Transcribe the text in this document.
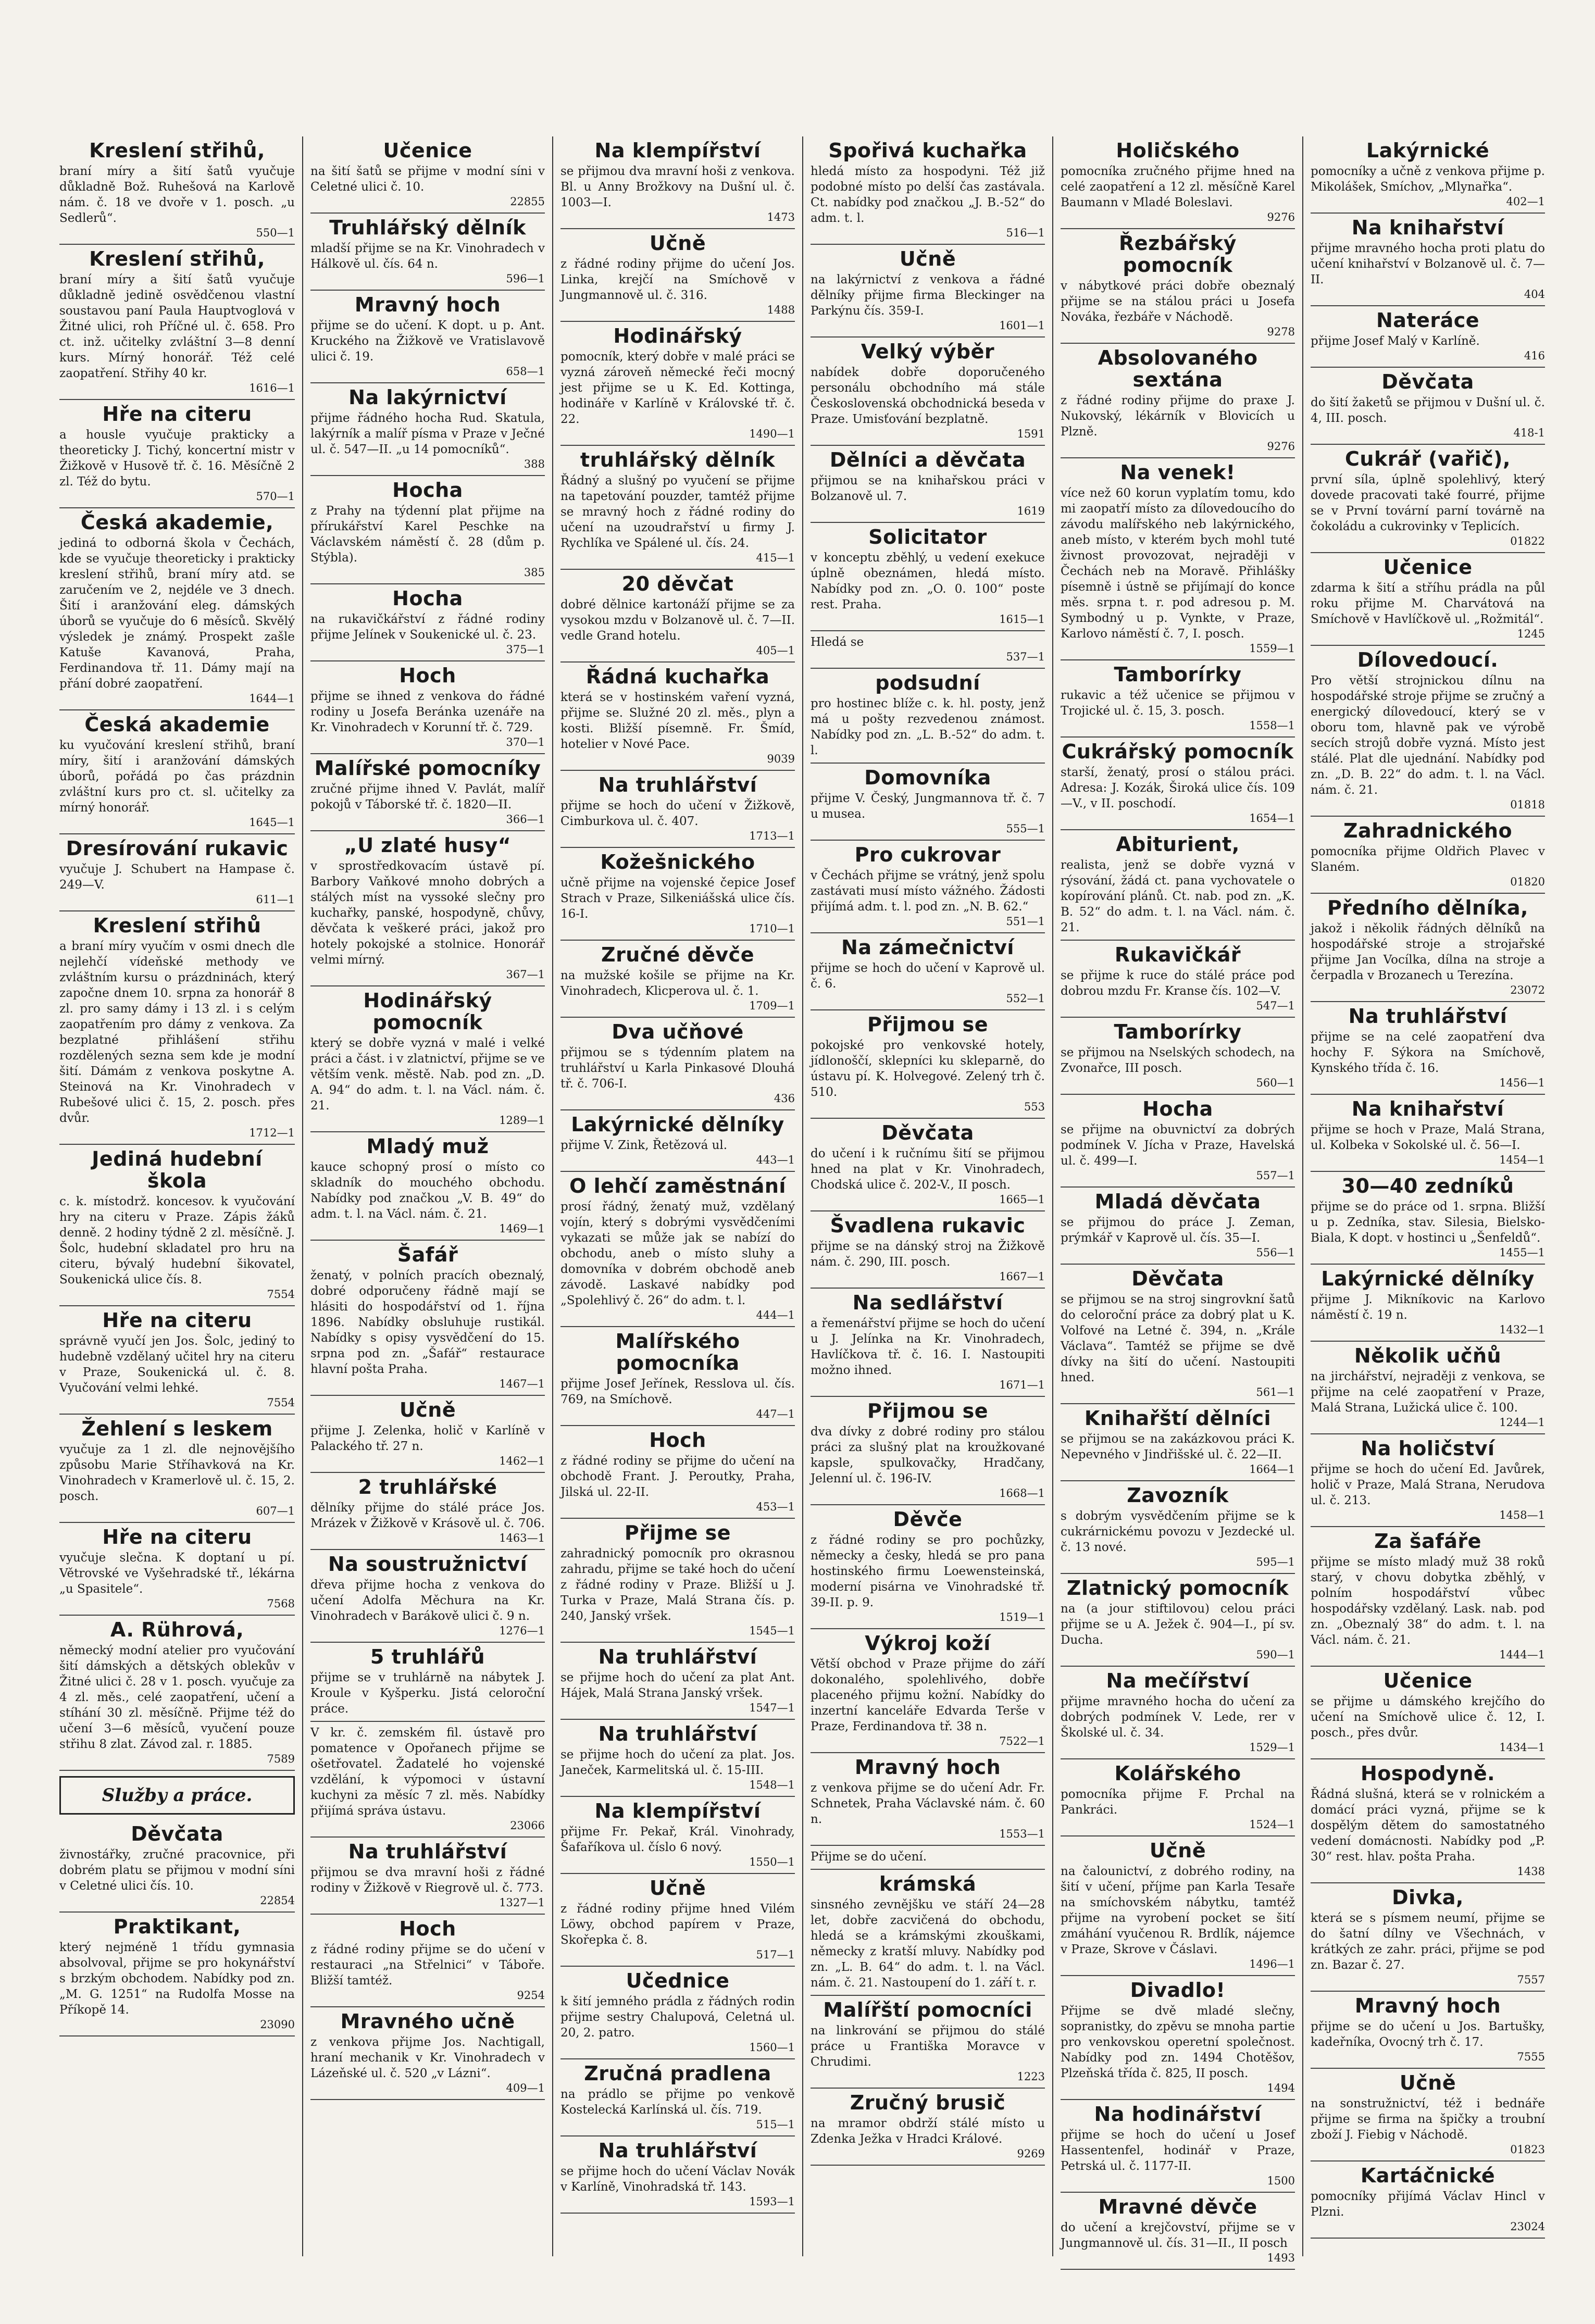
Kreslení střihů,

braní míry a šití šatů vyučuje důkladně Bož. Ruhešová na Karlově nám. č. 18 ve dvoře v 1. posch. „u Sedlerů“.

550—1
Kreslení střihů,

braní míry a šití šatů vyučuje důkladně jedině osvědčenou vlastní soustavou paní Paula Hauptvoglová v Žitné ulici, roh Příčné ul. č. 658. Pro ct. inž. učitelky zvláštní 3—8 denní kurs. Mírný honorář. Též celé zaopatření. Střihy 40 kr.

1616—1
Hře na citeru

a housle vyučuje prakticky a theoreticky J. Tichý, koncertní mistr v Žižkově v Husově tř. č. 16. Měsíčně 2 zl. Též do bytu.

570—1
Česká akademie,

jediná to odborná škola v Čechách, kde se vyučuje theoreticky i prakticky kreslení střihů, braní míry atd. se zaručením ve 2, nejdéle ve 3 dnech. Šití i aranžování eleg. dámských úborů se vyučuje do 6 měsíců. Skvělý výsledek je známý. Prospekt zašle Katuše Kavanová, Praha, Ferdinandova tř. 11. Dámy mají na přání dobré zaopatření.

1644—1
Česká akademie

ku vyučování kreslení střihů, braní míry, šití i aranžování dámských úborů, pořádá po čas prázdnin zvláštní kurs pro ct. sl. učitelky za mírný honorář.

1645—1
Dresírování rukavic

vyučuje J. Schubert na Hampase č. 249—V.

611—1
Kreslení střihů

a braní míry vyučím v osmi dnech dle nejlehčí vídeňské methody ve zvláštním kursu o prázdninách, který započne dnem 10. srpna za honorář 8 zl. pro samy dámy i 13 zl. i s celým zaopatřením pro dámy z venkova. Za bezplatné přihlášení střihu rozdělených sezna sem kde je modní šití. Dámám z venkova poskytne A. Steinová na Kr. Vinohradech v Rubešové ulici č. 15, 2. posch. přes dvůr.

1712—1
Jediná hudební škola

c. k. místodrž. koncesov. k vyučování hry na citeru v Praze. Zápis žáků denně. 2 hodiny týdně 2 zl. měsíčně. J. Šolc, hudební skladatel pro hru na citeru, bývalý hudební šikovatel, Soukenická ulice čís. 8.

7554
Hře na citeru

správně vyučí jen Jos. Šolc, jediný to hudebně vzdělaný učitel hry na citeru v Praze, Soukenická ul. č. 8. Vyučování velmi lehké.

7554
Žehlení s leskem

vyučuje za 1 zl. dle nejnovějšího způsobu Marie Stříhavková na Kr. Vinohradech v Kramerlově ul. č. 15, 2. posch.

607—1
Hře na citeru

vyučuje slečna. K doptaní u pí. Větrovské ve Vyšehradské tř., lékárna „u Spasitele“.

7568
A. Rührová,

německý modní atelier pro vyučování šití dámských a dětských oblekův v Žitné ulici č. 28 v 1. posch. vyučuje za 4 zl. měs., celé zaopatření, učení a stíhání 30 zl. měsíčně. Přijme též do učení 3—6 měsíců, vyučení pouze střihu 8 zlat. Závod zal. r. 1885.

7589
Služby a práce.
Děvčata

živnostářky, zručné pracovnice, při dobrém platu se přijmou v modní síni v Celetné ulici čís. 10.

22854
Praktikant,

který nejméně 1 třídu gymnasia absolvoval, přijme se pro hokynářství s brzkým obchodem. Nabídky pod zn. „M. G. 1251“ na Rudolfa Mosse na Příkopě 14.

23090
Učenice

na šití šatů se přijme v modní síni v Celetné ulici č. 10.

22855
Truhlářský dělník

mladší přijme se na Kr. Vinohradech v Hálkově ul. čís. 64 n.

596—1
Mravný hoch

přijme se do učení. K dopt. u p. Ant. Kruckého na Žižkově ve Vratislavově ulici č. 19.

658—1
Na lakýrnictví

přijme řádného hocha Rud. Skatula, lakýrník a malíř písma v Praze v Ječné ul. č. 547—II. „u 14 pomocníků“.

388
Hocha

z Prahy na týdenní plat přijme na přírukářství Karel Peschke na Václavském náměstí č. 28 (dům p. Stýbla).

385
Hocha

na rukavičkářství z řádné rodiny přijme Jelínek v Soukenické ul. č. 23.

375—1
Hoch

přijme se ihned z venkova do řádné rodiny u Josefa Beránka uzenáře na Kr. Vinohradech v Korunní tř. č. 729.

370—1
Malířské pomocníky

zručné přijme ihned V. Pavlát, malíř pokojů v Táborské tř. č. 1820—II.

366—1
„U zlaté husy“

v sprostředkovacím ústavě pí. Barbory Vaňkové mnoho dobrých a stálých míst na vyssoké slečny pro kuchařky, panské, hospodyně, chůvy, děvčata k veškeré práci, jakož pro hotely pokojské a stolnice. Honorář velmi mírný.

367—1
Hodinářský pomocník

který se dobře vyzná v malé i velké práci a část. i v zlatnictví, přijme se ve větším venk. městě. Nab. pod zn. „D. A. 94“ do adm. t. l. na Václ. nám. č. 21.

1289—1
Mladý muž

kauce schopný prosí o místo co skladník do mouchého obchodu. Nabídky pod značkou „V. B. 49“ do adm. t. l. na Václ. nám. č. 21.

1469—1
Šafář

ženatý, v polních pracích obeznalý, dobré odporučeny řádně mají se hlásiti do hospodářství od 1. října 1896. Nabídky obsluhuje rustikál. Nabídky s opisy vysvědčení do 15. srpna pod zn. „Šafář“ restaurace hlavní pošta Praha.

1467—1
Učně

přijme J. Zelenka, holič v Karlíně v Palackého tř. 27 n.

1462—1
2 truhlářské

dělníky přijme do stálé práce Jos. Mrázek v Žižkově v Krásově ul. č. 706.

1463—1
Na soustružnictví

dřeva přijme hocha z venkova do učení Adolfa Měchura na Kr. Vinohradech v Barákově ulici č. 9 n.

1276—1
5 truhlářů

přijme se v truhlárně na nábytek J. Kroule v Kyšperku. Jistá celoroční práce.

V kr. č. zemském fil. ústavě pro pomatence v Opořanech přijme se ošetřovatel. Žadatelé ho vojenské vzdělání, k výpomoci v ústavní kuchyni za měsíc 7 zl. měs. Nabídky přijímá správa ústavu.

23066
Na truhlářství

přijmou se dva mravní hoši z řádné rodiny v Žižkově v Riegrově ul. č. 773.

1327—1
Hoch

z řádné rodiny přijme se do učení v restauraci „na Střelnici“ v Táboře. Bližší tamtéž.

9254
Mravného učně

z venkova přijme Jos. Nachtigall, hraní mechanik v Kr. Vinohradech v Lázeňské ul. č. 520 „v Lázni“.

409—1
Na klempířství

se přijmou dva mravní hoši z venkova. Bl. u Anny Brožkovy na Dušní ul. č. 1003—I.

1473
Učně

z řádné rodiny přijme do učení Jos. Linka, krejčí na Smíchově v Jungmannově ul. č. 316.

1488
Hodinářský

pomocník, který dobře v malé práci se vyzná zároveň německé řeči mocný jest přijme se u K. Ed. Kottinga, hodináře v Karlíně v Královské tř. č. 22.

1490—1
truhlářský dělník

Řádný a slušný po vyučení se přijme na tapetování pouzder, tamtéž přijme se mravný hoch z řádné rodiny do učení na uzoudrařství u firmy J. Rychlíka ve Spálené ul. čís. 24.

415—1
20 děvčat

dobré dělnice kartonáží přijme se za vysokou mzdu v Bolzanově ul. č. 7—II. vedle Grand hotelu.

405—1
Řádná kuchařka

která se v hostinském vaření vyzná, přijme se. Služné 20 zl. měs., plyn a kosti. Bližší písemně. Fr. Šmíd, hotelier v Nové Pace.

9039
Na truhlářství

přijme se hoch do učení v Žižkově, Cimburkova ul. č. 407.

1713—1
Kožešnického

učně přijme na vojenské čepice Josef Strach v Praze, Silkeniášská ulice čís. 16-I.

1710—1
Zručné děvče

na mužské košile se přijme na Kr. Vinohradech, Klicperova ul. č. 1.

1709—1
Dva učňové

přijmou se s týdenním platem na truhlářství u Karla Pinkasové Dlouhá tř. č. 706-I.

436
Lakýrnické dělníky

přijme V. Zink, Řetězová ul.

443—1
O lehčí zaměstnání

prosí řádný, ženatý muž, vzdělaný vojín, který s dobrými vysvědčeními vykazati se může jak se nabízí do obchodu, aneb o místo sluhy a domovníka v dobrém obchodě aneb závodě. Laskavé nabídky pod „Spolehlivý č. 26“ do adm. t. l.

444—1
Malířského pomocníka

přijme Josef Jeřínek, Resslova ul. čís. 769, na Smíchově.

447—1
Hoch

z řádné rodiny se přijme do učení na obchodě Frant. J. Peroutky, Praha, Jilská ul. 22-II.

453—1
Přijme se

zahradnický pomocník pro okrasnou zahradu, přijme se také hoch do učení z řádné rodiny v Praze. Bližší u J. Turka v Praze, Malá Strana čís. p. 240, Janský vršek.

1545—1
Na truhlářství

se přijme hoch do učení za plat Ant. Hájek, Malá Strana Janský vršek.

1547—1
Na truhlářství

se přijme hoch do učení za plat. Jos. Janeček, Karmelitská ul. č. 15-III.

1548—1
Na klempířství

přijme Fr. Pekař, Král. Vinohrady, Šafaříkova ul. číslo 6 nový.

1550—1
Učně

z řádné rodiny přijme hned Vilém Löwy, obchod papírem v Praze, Skořepka č. 8.

517—1
Učednice

k šití jemného prádla z řádných rodin přijme sestry Chalupová, Celetná ul. 20, 2. patro.

1560—1
Zručná pradlena

na prádlo se přijme po venkově Kostelecká Karlínská ul. čís. 719.

515—1
Na truhlářství

se přijme hoch do učení Václav Novák v Karlíně, Vinohradská tř. 143.

1593—1
Spořivá kuchařka

hledá místo za hospodyni. Též již podobné místo po delší čas zastávala. Ct. nabídky pod značkou „J. B.-52“ do adm. t. l.

516—1
Učně

na lakýrnictví z venkova a řádné dělníky přijme firma Bleckinger na Parkýnu čís. 359-I.

1601—1
Velký výběr

nabídek dobře doporučeného personálu obchodního má stále Československá obchodnická beseda v Praze. Umisťování bezplatně.

1591
Dělníci a děvčata

přijmou se na knihařskou práci v Bolzanově ul. 7.

1619
Solicitator

v konceptu zběhlý, u vedení exekuce úplně obeznámen, hledá místo. Nabídky pod zn. „O. 0. 100“ poste rest. Praha.

1615—1

Hledá se

537—1
podsudní

pro hostinec blíže c. k. hl. posty, jenž má u pošty rezvedenou známost. Nabídky pod zn. „L. B.-52“ do adm. t. l.

Domovníka

přijme V. Český, Jungmannova tř. č. 7 u musea.

555—1
Pro cukrovar

v Čechách přijme se vrátný, jenž spolu zastávati musí místo vážného. Žádosti přijímá adm. t. l. pod zn. „N. B. 62.“

551—1
Na zámečnictví

přijme se hoch do učení v Kaprově ul. č. 6.

552—1
Přijmou se

pokojské pro venkovské hotely, jídlonoščí, sklepníci ku skleparně, do ústavu pí. K. Holvegové. Zelený trh č. 510.

553
Děvčata

do učení i k ručnímu šití se přijmou hned na plat v Kr. Vinohradech, Chodská ulice č. 202-V., II posch.

1665—1
Švadlena rukavic

přijme se na dánský stroj na Žižkově nám. č. 290, III. posch.

1667—1
Na sedlářství

a řemenářství přijme se hoch do učení u J. Jelínka na Kr. Vinohradech, Havlíčkova tř. č. 16. I. Nastoupiti možno ihned.

1671—1
Přijmou se

dva dívky z dobré rodiny pro stálou práci za slušný plat na kroužkované kapsle, spulkovačky, Hradčany, Jelenní ul. č. 196-IV.

1668—1
Děvče

z řádné rodiny se pro pochůzky, německy a česky, hledá se pro pana hostinského firmu Loewensteinská, moderní pisárna ve Vinohradské tř. 39-II. p. 9.

1519—1
Výkroj koží

Větší obchod v Praze přijme do září dokonalého, spolehlivého, dobře placeného přijmu kožní. Nabídky do inzertní kanceláře Edvarda Terše v Praze, Ferdinandova tř. 38 n.

7522—1
Mravný hoch

z venkova přijme se do učení Adr. Fr. Schnetek, Praha Václavské nám. č. 60 n.

1553—1

Přijme se do učení.

krámská

sinsného zevnějšku ve stáří 24—28 let, dobře zacvičená do obchodu, hledá se a krámskými zkouškami, německy z kratší mluvy. Nabídky pod zn. „L. B. 64“ do adm. t. l. na Václ. nám. č. 21. Nastoupení do 1. září t. r.

Malířští pomocníci

na linkrování se přijmou do stálé práce u Františka Moravce v Chrudimi.

1223
Zručný brusič

na mramor obdrží stálé místo u Zdenka Ježka v Hradci Králové.

9269
Holičského

pomocníka zručného přijme hned na celé zaopatření a 12 zl. měsíčně Karel Baumann v Mladé Boleslavi.

9276
Řezbářský pomocník

v nábytkové práci dobře obeznalý přijme se na stálou práci u Josefa Nováka, řezbáře v Náchodě.

9278
Absolovaného sextána

z řádné rodiny přijme do praxe J. Nukovský, lékárník v Blovicích u Plzně.

9276
Na venek!

více než 60 korun vyplatím tomu, kdo mi zaopatří místo za dílovedoucího do závodu malířského neb lakýrnického, aneb místo, v kterém bych mohl tuté živnost provozovat, nejraději v Čechách neb na Moravě. Přihlášky písemně i ústně se přijímají do konce měs. srpna t. r. pod adresou p. M. Symbodný u p. Vynkte, v Praze, Karlovo náměstí č. 7, I. posch.

1559—1
Tamborírky

rukavic a též učenice se přijmou v Trojické ul. č. 15, 3. posch.

1558—1
Cukrářský pomocník

starší, ženatý, prosí o stálou práci. Adresa: J. Kozák, Široká ulice čís. 109—V., v II. poschodí.

1654—1
Abiturient,

realista, jenž se dobře vyzná v rýsování, žádá ct. pana vychovatele o kopírování plánů. Ct. nab. pod zn. „K. B. 52“ do adm. t. l. na Václ. nám. č. 21.

Rukavičkář

se přijme k ruce do stálé práce pod dobrou mzdu Fr. Kranse čís. 102—V.

547—1
Tamborírky

se přijmou na Nselských schodech, na Zvonařce, III posch.

560—1
Hocha

se přijme na obuvnictví za dobrých podmínek V. Jícha v Praze, Havelská ul. č. 499—I.

557—1
Mladá děvčata

se přijmou do práce J. Zeman, prýmkář v Kaprově ul. čís. 35—I.

556—1
Děvčata

se přijmou se na stroj singrovkní šatů do celoroční práce za dobrý plat u K. Volfové na Letné č. 394, n. „Krále Václava“. Tamtéž se přijme se dvě dívky na šití do učení. Nastoupiti hned.

561—1
Knihařští dělníci

se přijmou se na zakázkovou práci K. Nepevného v Jindřišské ul. č. 22—II.

1664—1
Zavozník

s dobrým vysvědčením přijme se k cukrárnickému povozu v Jezdecké ul. č. 13 nové.

595—1
Zlatnický pomocník

na (a jour stiftilovou) celou práci přijme se u A. Ježek č. 904—I., pí sv. Ducha.

590—1
Na mečířství

přijme mravného hocha do učení za dobrých podmínek V. Lede, rer v Školské ul. č. 34.

1529—1
Kolářského

pomocníka přijme F. Prchal na Pankráci.

1524—1
Učně

na čalounictví, z dobrého rodiny, na šití v učení, příjme pan Karla Tesaře na smíchovském nábytku, tamtéž přijme na vyrobení pocket se šití zmáhání vyučenou R. Brdlík, nájemce v Praze, Skrove v Čáslavi.

1496—1
Divadlo!

Přijme se dvě mladé slečny, sopranistky, do zpěvu se mnoha partie pro venkovskou operetní společnost. Nabídky pod zn. 1494 Chotěšov, Plzeňská třída č. 825, II posch.

1494
Na hodinářství

přijme se hoch do učení u Josef Hassentenfel, hodinář v Praze, Petrská ul. č. 1177-II.

1500
Mravné děvče

do učení a krejčovství, přijme se v Jungmannově ul. čís. 31—II., II posch

1493
Lakýrnické

pomocníky a učně z venkova přijme p. Mikolášek, Smíchov, „Mlynařka“.

402—1
Na knihařství

přijme mravného hocha proti platu do učení knihařství v Bolzanově ul. č. 7—II.

404
Nateráce

přijme Josef Malý v Karlíně.

416
Děvčata

do šití žaketů se přijmou v Dušní ul. č. 4, III. posch.

418-1
Cukrář (vařič),

první síla, úplně spolehlivý, který dovede pracovati také fourré, přijme se v První tovární parní továrně na čokoládu a cukrovinky v Teplicích.

01822
Učenice

zdarma k šití a stříhu prádla na půl roku přijme M. Charvátová na Smíchově v Havlíčkově ul. „Rožmitál“.

1245
Dílovedoucí.

Pro větší strojnickou dílnu na hospodářské stroje přijme se zručný a energický dílovedoucí, který se v oboru tom, hlavně pak ve výrobě secích strojů dobře vyzná. Místo jest stálé. Plat dle ujednání. Nabídky pod zn. „D. B. 22“ do adm. t. l. na Václ. nám. č. 21.

01818
Zahradnického

pomocníka přijme Oldřich Plavec v Slaném.

01820
Předního dělníka,

jakož i několik řádných dělníků na hospodářské stroje a strojařské přijme Jan Vocílka, dílna na stroje a čerpadla v Brozanech u Terezína.

23072
Na truhlářství

přijme se na celé zaopatření dva hochy F. Sýkora na Smíchově, Kynského třída č. 16.

1456—1
Na knihařství

přijme se hoch v Praze, Malá Strana, ul. Kolbeka v Sokolské ul. č. 56—I.

1454—1
30—40 zedníků

přijme se do práce od 1. srpna. Bližší u p. Zedníka, stav. Silesia, Bielsko-Biala, K dopt. v hostinci u „Šenfeldů“.

1455—1
Lakýrnické dělníky

přijme J. Mikníkovic na Karlovo náměstí č. 19 n.

1432—1
Několik učňů

na jirchářství, nejraději z venkova, se přijme na celé zaopatření v Praze, Malá Strana, Lužická ulice č. 100.

1244—1
Na holičství

přijme se hoch do učení Ed. Javůrek, holič v Praze, Malá Strana, Nerudova ul. č. 213.

1458—1
Za šafáře

přijme se místo mladý muž 38 roků starý, v chovu dobytka zběhlý, v polním hospodářství vůbec hospodářsky vzdělaný. Lask. nab. pod zn. „Obeznalý 38“ do adm. t. l. na Václ. nám. č. 21.

1444—1
Učenice

se přijme u dámského krejčího do učení na Smíchově ulice č. 12, I. posch., přes dvůr.

1434—1
Hospodyně.

Řádná slušná, která se v rolnickém a domácí práci vyzná, přijme se k dospělým dětem do samostatného vedení domácnosti. Nabídky pod „P. 30“ rest. hlav. pošta Praha.

1438
Divka,

která se s písmem neumí, přijme se do šatní dílny ve Všechnách, v krátkých ze zahr. práci, přijme se pod zn. Bazar č. 27.

7557
Mravný hoch

přijme se do učení u Jos. Bartušky, kadeřníka, Ovocný trh č. 17.

7555
Učně

na sonstružnictví, též i bednáře přijme se firma na špičky a troubní zboží J. Fiebig v Náchodě.

01823
Kartáčnické

pomocníky přijímá Václav Hincl v Plzni.

23024
